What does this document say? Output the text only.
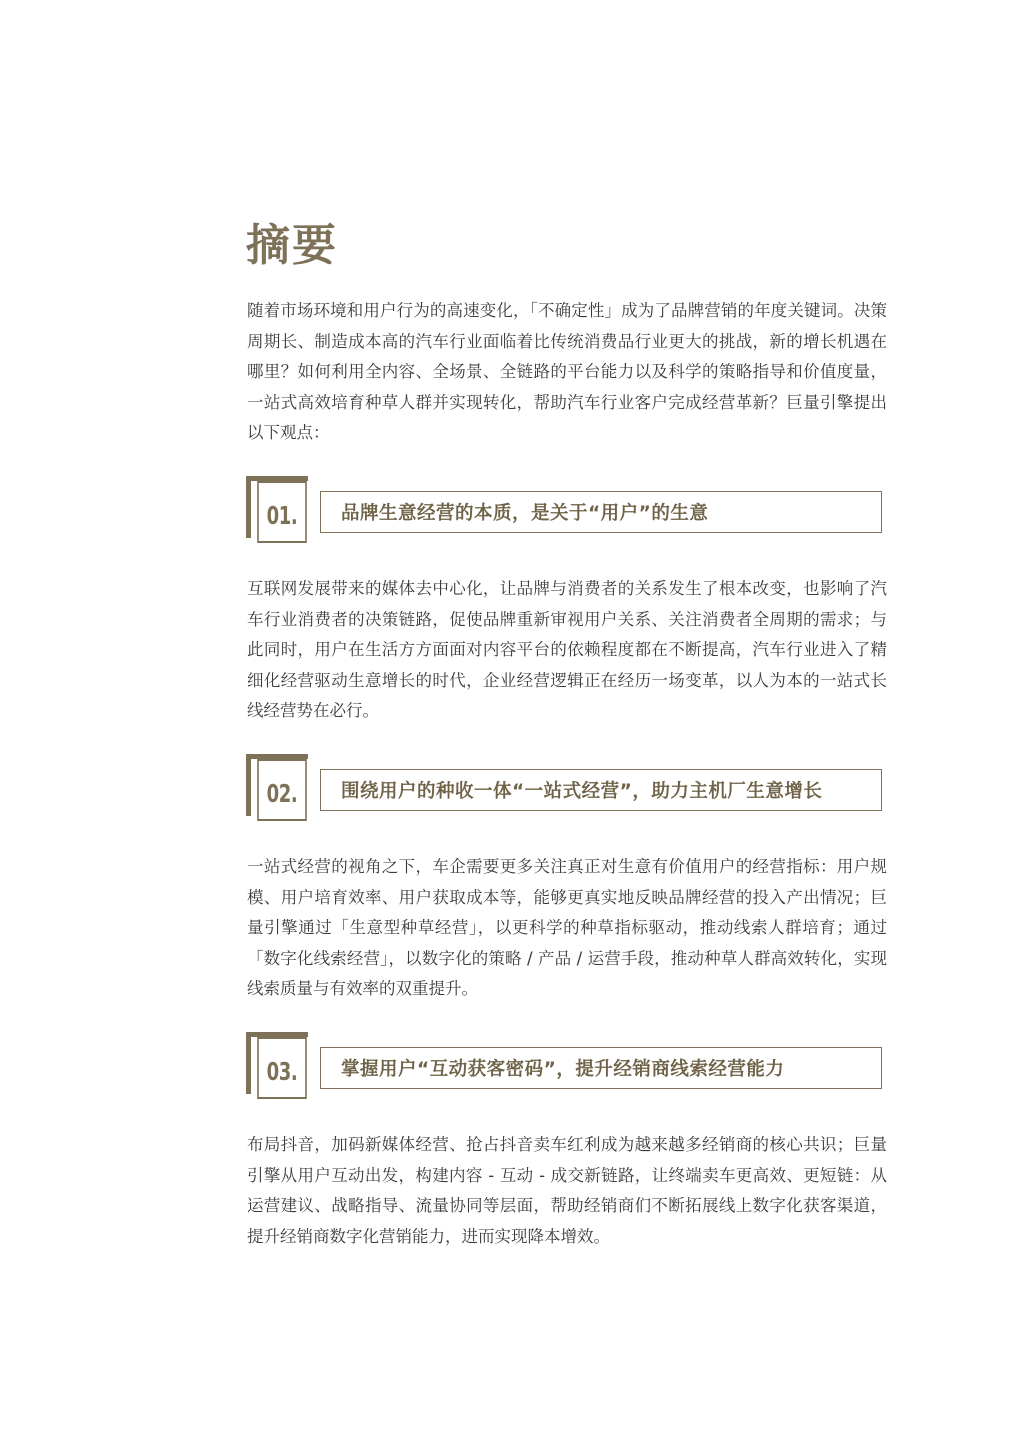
摘要
随着市场环境和用户行为的高速变化，「不确定性」成为了品牌营销的年度关键词。决策周期长、制造成本高的汽车行业面临着比传统消费品行业更大的挑战，新的增长机遇在哪里？如何利用全内容、全场景、全链路的平台能力以及科学的策略指导和价值度量，一站式高效培育种草人群并实现转化，帮助汽车行业客户完成经营革新？巨量引擎提出以下观点：
01.	品牌生意经营的本质，是关于“用户”的生意
互联网发展带来的媒体去中心化，让品牌与消费者的关系发生了根本改变，也影响了汽车行业消费者的决策链路，促使品牌重新审视用户关系、关注消费者全周期的需求；与此同时，用户在生活方方面面对内容平台的依赖程度都在不断提高，汽车行业进入了精细化经营驱动生意增长的时代，企业经营逻辑正在经历一场变革，以人为本的一站式长线经营势在必行。
02.	围绕用户的种收一体“一站式经营”，助力主机厂生意增长
一站式经营的视角之下，车企需要更多关注真正对生意有价值用户的经营指标：用户规模、用户培育效率、用户获取成本等，能够更真实地反映品牌经营的投入产出情况；巨量引擎通过「生意型种草经营」，以更科学的种草指标驱动，推动线索人群培育；通过「数字化线索经营」，以数字化的策略 / 产品 / 运营手段，推动种草人群高效转化，实现线索质量与有效率的双重提升。
03.	掌握用户“互动获客密码”，提升经销商线索经营能力
布局抖音，加码新媒体经营、抢占抖音卖车红利成为越来越多经销商的核心共识；巨量引擎从用户互动出发，构建内容 - 互动 - 成交新链路，让终端卖车更高效、更短链：从运营建议、战略指导、流量协同等层面，帮助经销商们不断拓展线上数字化获客渠道，提升经销商数字化营销能力，进而实现降本增效。
